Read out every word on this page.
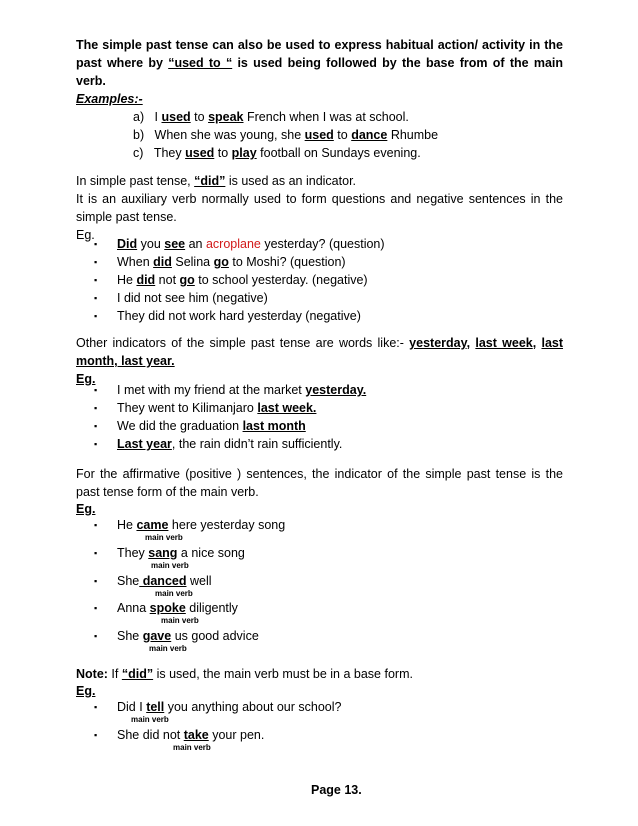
The simple past tense can also be used to express habitual action/ activity in the
past where by “used to “ is used being followed by the base from of the main
verb.
Examples:-
a) I used to speak French when I was at school.
b) When she was young, she used to dance Rhumbe
c) They used to play football on Sundays evening.
In simple past tense, “did” is used as an indicator.
It is an auxiliary verb normally used to form questions and negative sentences in the
simple past tense.
Eg.
▪ Did you see an acroplane yesterday? (question)
▪ When did Selina go to Moshi? (question)
▪ He did not go to school yesterday. (negative)
▪ I did not see him (negative)
▪ They did not work hard yesterday (negative)
Other indicators of the simple past tense are words like:- yesterday, last week, last
month, last year.
Eg.
▪ I met with my friend at the market yesterday.
▪ They went to Kilimanjaro last week.
▪ We did the graduation last month
▪ Last year, the rain didn’t rain sufficiently.
For the affirmative (positive ) sentences, the indicator of the simple past tense is the
past tense form of the main verb.
Eg.
▪ He came here yesterday song
main verb
▪ They sang a nice song
main verb
▪ She danced well
main verb
▪ Anna spoke diligently
main verb
▪ She gave us good advice
main verb
Note: If “did” is used, the main verb must be in a base form.
Eg.
▪ Did I tell you anything about our school?
main verb
▪ She did not take your pen.
main verb
Page 13.
